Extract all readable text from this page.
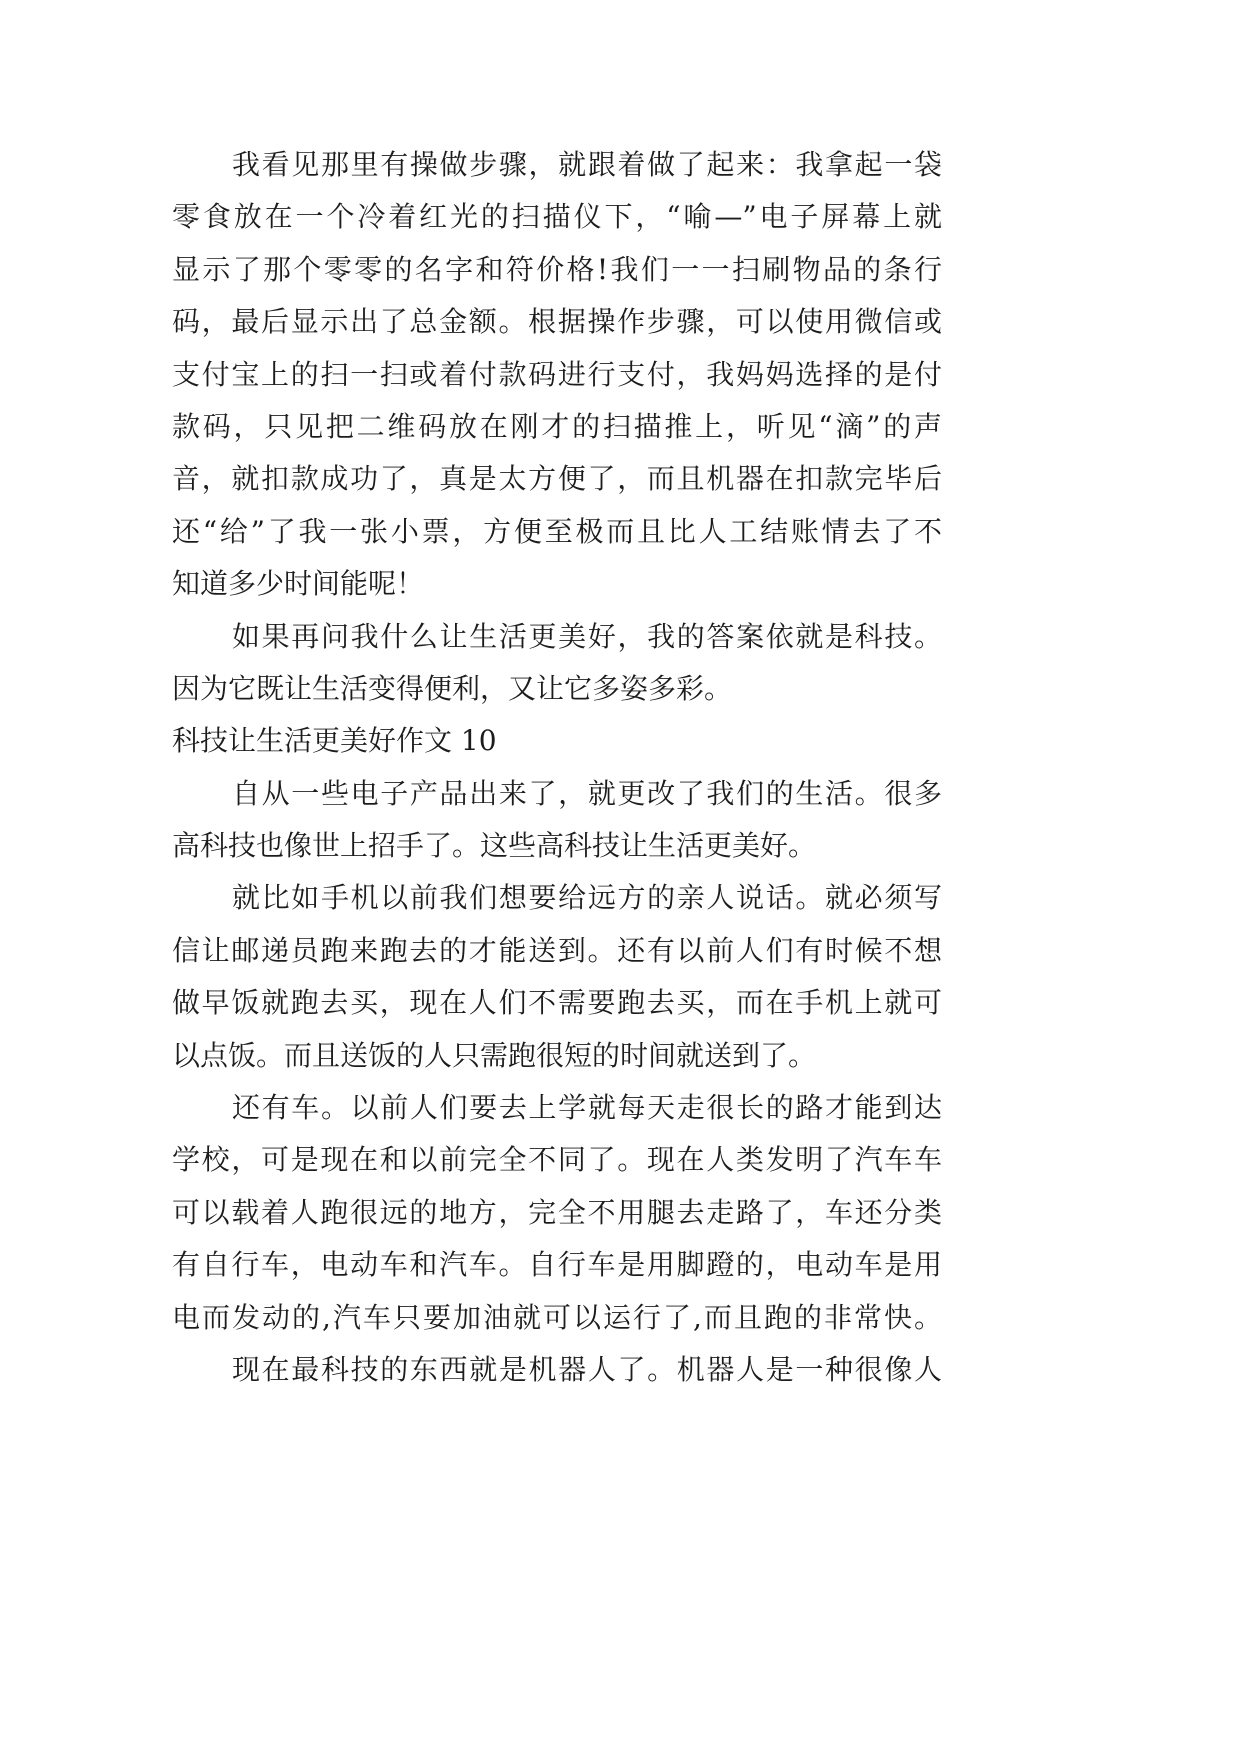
我看见那里有操做步骤，就跟着做了起来：我拿起一袋
零食放在一个冷着红光的扫描仪下，“喻—”电子屏幕上就
显示了那个零零的名字和符价格!我们一一扫刷物品的条行
码，最后显示出了总金额。根据操作步骤，可以使用微信或
支付宝上的扫一扫或着付款码进行支付，我妈妈选择的是付
款码，只见把二维码放在刚才的扫描推上，听见“滴”的声
音，就扣款成功了，真是太方便了，而且机器在扣款完毕后
还“给”了我一张小票，方便至极而且比人工结账情去了不
知道多少时间能呢！
如果再问我什么让生活更美好，我的答案依就是科技。
因为它既让生活变得便利，又让它多姿多彩。
科技让生活更美好作文 10
自从一些电子产品出来了，就更改了我们的生活。很多
高科技也像世上招手了。这些高科技让生活更美好。
就比如手机以前我们想要给远方的亲人说话。就必须写
信让邮递员跑来跑去的才能送到。还有以前人们有时候不想
做早饭就跑去买，现在人们不需要跑去买，而在手机上就可
以点饭。而且送饭的人只需跑很短的时间就送到了。
还有车。以前人们要去上学就每天走很长的路才能到达
学校，可是现在和以前完全不同了。现在人类发明了汽车车
可以载着人跑很远的地方，完全不用腿去走路了，车还分类
有自行车，电动车和汽车。自行车是用脚蹬的，电动车是用
电而发动的,汽车只要加油就可以运行了,而且跑的非常快。
现在最科技的东西就是机器人了。机器人是一种很像人
